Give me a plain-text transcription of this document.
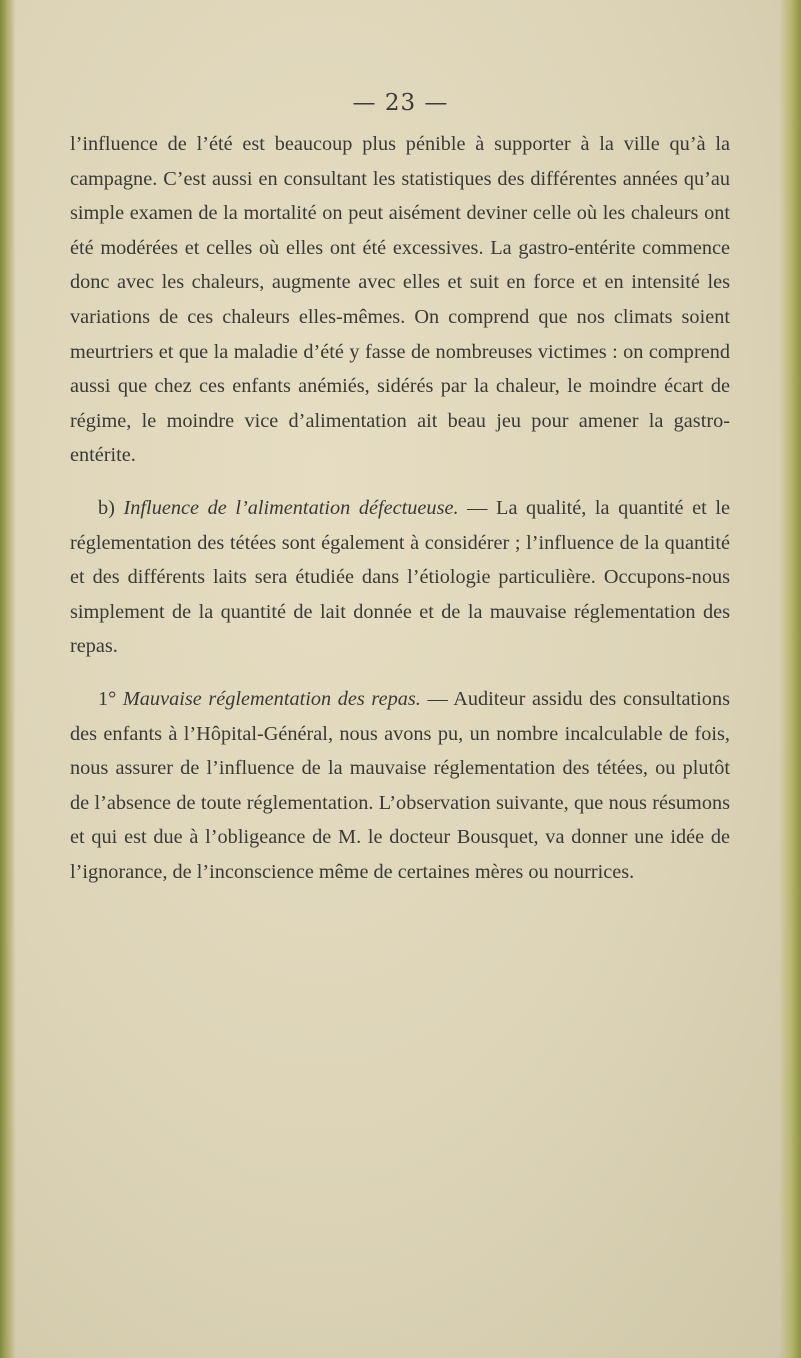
— 23 —

l’influence de l’été est beaucoup plus pénible à supporter à la ville qu’à la campagne. C’est aussi en consultant les statistiques des différentes années qu’au simple examen de la mortalité on peut aisément deviner celle où les chaleurs ont été modérées et celles où elles ont été excessives. La gastro-entérite commence donc avec les chaleurs, augmente avec elles et suit en force et en intensité les variations de ces chaleurs elles-mêmes. On comprend que nos climats soient meurtriers et que la maladie d’été y fasse de nombreuses victimes : on comprend aussi que chez ces enfants anémiés, sidérés par la chaleur, le moindre écart de régime, le moindre vice d’alimentation ait beau jeu pour amener la gastro-entérite.

b) Influence de l’alimentation défectueuse. — La qualité, la quantité et le réglementation des tétées sont également à considérer ; l’influence de la quantité et des différents laits sera étudiée dans l’étiologie particulière. Occupons-nous simplement de la quantité de lait donnée et de la mauvaise réglementation des repas.

1° Mauvaise réglementation des repas. — Auditeur assidu des consultations des enfants à l’Hôpital-Général, nous avons pu, un nombre incalculable de fois, nous assurer de l’influence de la mauvaise réglementation des tétées, ou plutôt de l’absence de toute réglementation. L’observation suivante, que nous résumons et qui est due à l’obligeance de M. le docteur Bousquet, va donner une idée de l’ignorance, de l’inconscience même de certaines mères ou nourrices.
